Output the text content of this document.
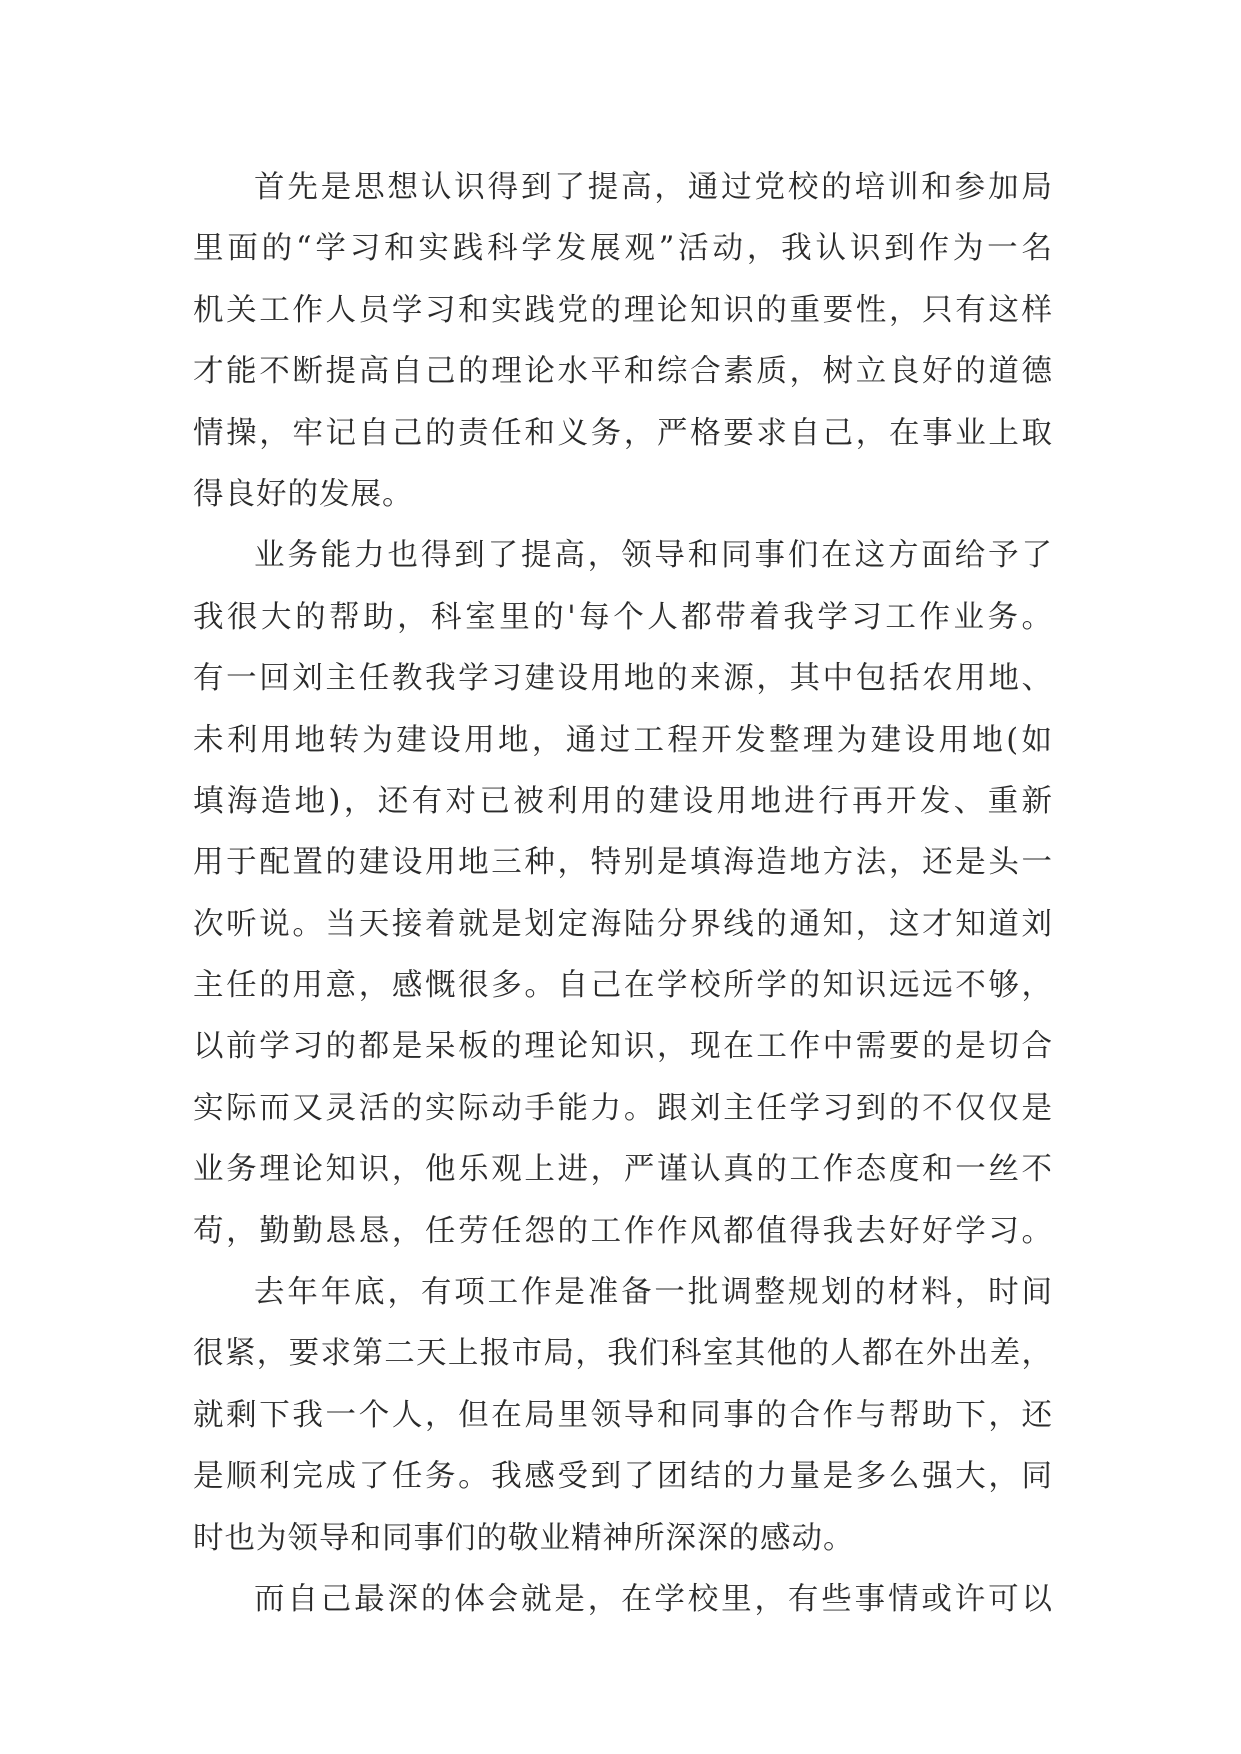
首先是思想认识得到了提高，通过党校的培训和参加局
里面的“学习和实践科学发展观”活动，我认识到作为一名
机关工作人员学习和实践党的理论知识的重要性，只有这样
才能不断提高自己的理论水平和综合素质，树立良好的道德
情操，牢记自己的责任和义务，严格要求自己，在事业上取
得良好的发展。
业务能力也得到了提高，领导和同事们在这方面给予了
我很大的帮助，科室里的'每个人都带着我学习工作业务。
有一回刘主任教我学习建设用地的来源，其中包括农用地、
未利用地转为建设用地，通过工程开发整理为建设用地(如
填海造地)，还有对已被利用的建设用地进行再开发、重新
用于配置的建设用地三种，特别是填海造地方法，还是头一
次听说。当天接着就是划定海陆分界线的通知，这才知道刘
主任的用意，感慨很多。自己在学校所学的知识远远不够，
以前学习的都是呆板的理论知识，现在工作中需要的是切合
实际而又灵活的实际动手能力。跟刘主任学习到的不仅仅是
业务理论知识，他乐观上进，严谨认真的工作态度和一丝不
苟，勤勤恳恳，任劳任怨的工作作风都值得我去好好学习。
去年年底，有项工作是准备一批调整规划的材料，时间
很紧，要求第二天上报市局，我们科室其他的人都在外出差，
就剩下我一个人，但在局里领导和同事的合作与帮助下，还
是顺利完成了任务。我感受到了团结的力量是多么强大，同
时也为领导和同事们的敬业精神所深深的感动。
而自己最深的体会就是，在学校里，有些事情或许可以
